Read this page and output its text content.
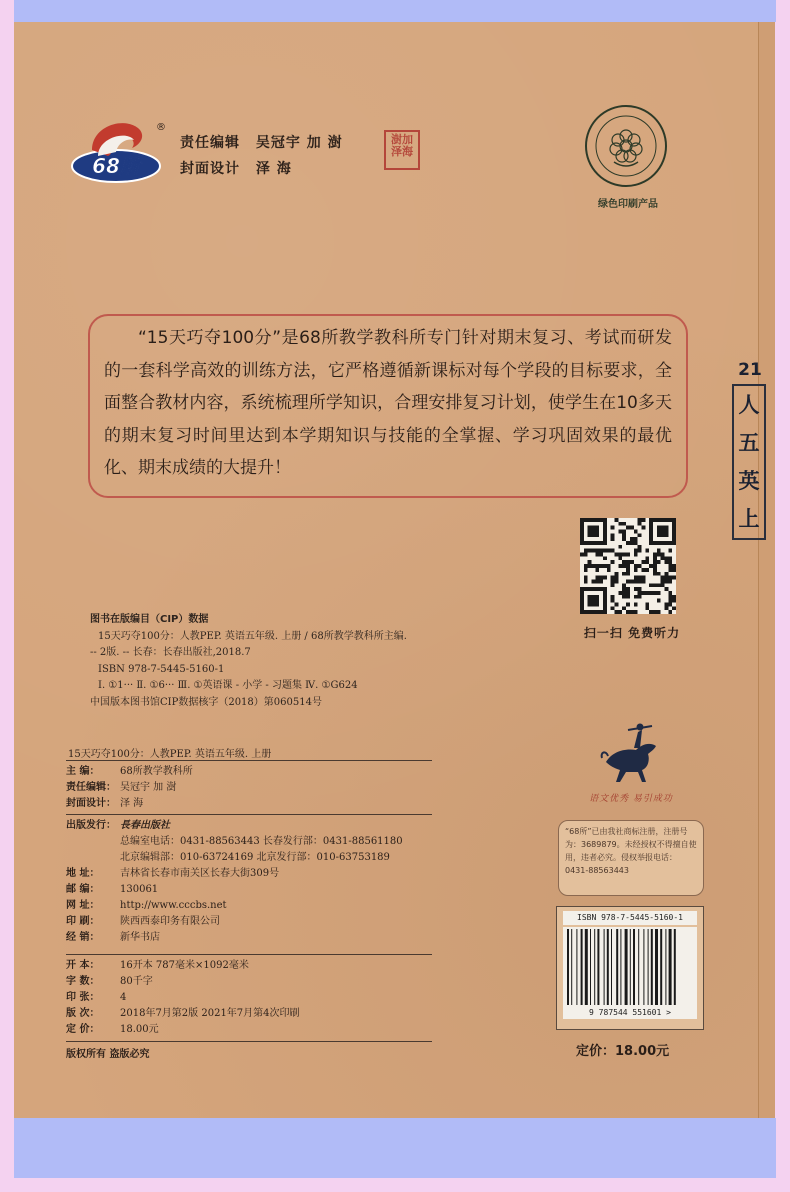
68所
®
责任编辑 吴冠宇 加 澍
封面设计 泽 海
澍加 泽海
绿色印刷产品

“15天巧夺100分”是68所教学教科所专门针对期末复习、考试而研发的一套科学高效的训练方法，它严格遵循新课标对每个学段的目标要求，全面整合教材内容，系统梳理所学知识，合理安排复习计划，使学生在10多天的期末复习时间里达到本学期知识与技能的全掌握、学习巩固效果的最优化、期末成绩的大提升！

21
人
五
英
上
扫一扫 免费听力
图书在版编目（CIP）数据
15天巧夺100分：人教PEP. 英语五年级. 上册 / 68所教学教科所主编.
-- 2版. -- 长春：长春出版社,2018.7
ISBN 978-7-5445-5160-1
Ⅰ. ①1··· Ⅱ. ①6··· Ⅲ. ①英语课 - 小学 - 习题集 Ⅳ. ①G624
中国版本图书馆CIP数据核字（2018）第060514号
15天巧夺100分：人教PEP. 英语五年级. 上册
主 编：	68所教学教科所
责任编辑： 吴冠宇 加 澍
封面设计： 泽 海
出版发行： 長春出版社
总编室电话：0431-88563443 长春发行部：0431-88561180
北京编辑部：010-63724169 北京发行部：010-63753189
地 址：	吉林省长春市南关区长春大街309号
邮 编：	130061
网 址：	http://www.cccbs.net
印 刷：	陕西西泰印务有限公司
经 销：	新华书店
开 本：	16开本 787毫米×1092毫米
字 数：	80千字
印 张：	4
版 次：	2018年7月第2版 2021年7月第4次印刷
定 价：	18.00元
版权所有 盗版必究
语文优秀 易引成功
“68所”已由我社商标注册，注册号为：3689879。未经授权不得擅自使用，违者必究。侵权举报电话：0431-88563443
ISBN 978-7-5445-5160-1
9 787544 551601 >
定价：18.00元
